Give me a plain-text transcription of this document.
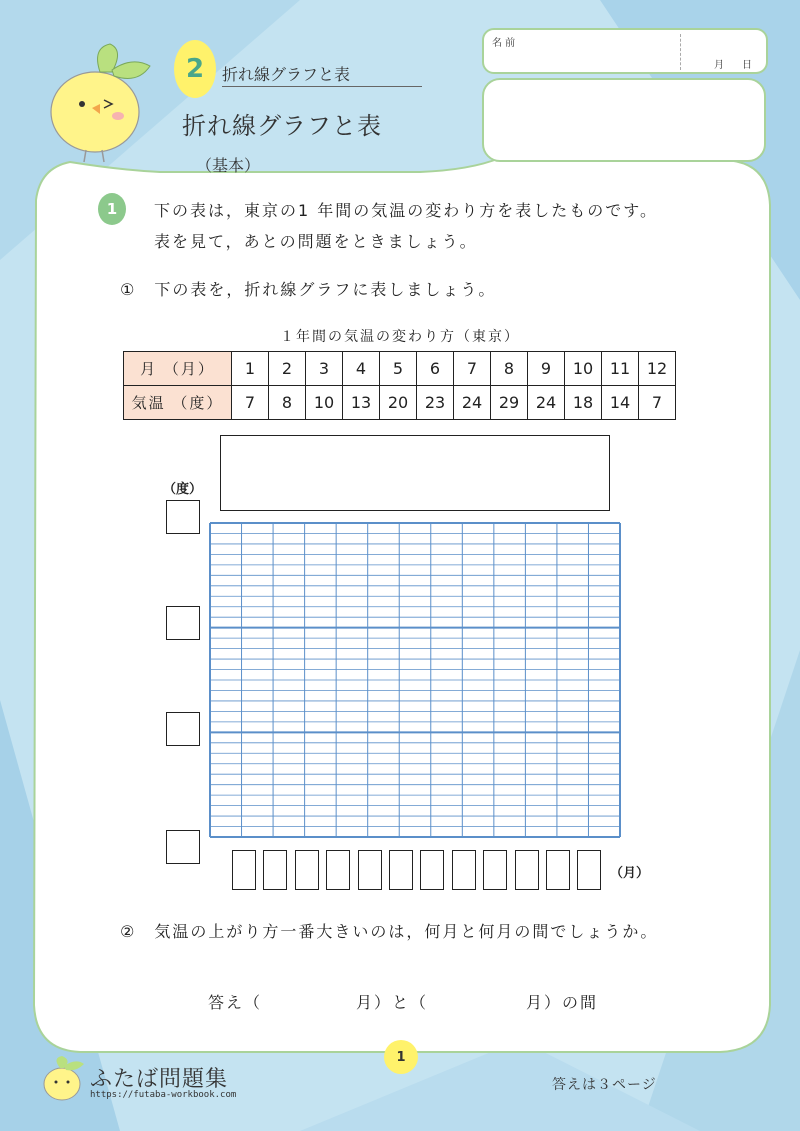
2	折れ線グラフと表
折れ線グラフと表
（基本）
名 前
月 日
1	下の表は，東京の1 年間の気温の変わり方を表したものです。
表を見て，あとの問題をときましょう。
①　下の表を，折れ線グラフに表しましょう。
１年間の気温の変わり方（東京）
月 （月）	1	2	3	4	5	6	7	8	9	10	11	12
気温 （度）	7	8	10	13	20	23	24	29	24	18	14	7
（度）
（月）
②　気温の上がり方一番大きいのは，何月と何月の間でしょうか。
答え（	月）と（	月）の間
1
ふたば問題集
https://futaba-workbook.com
答えは３ページ
